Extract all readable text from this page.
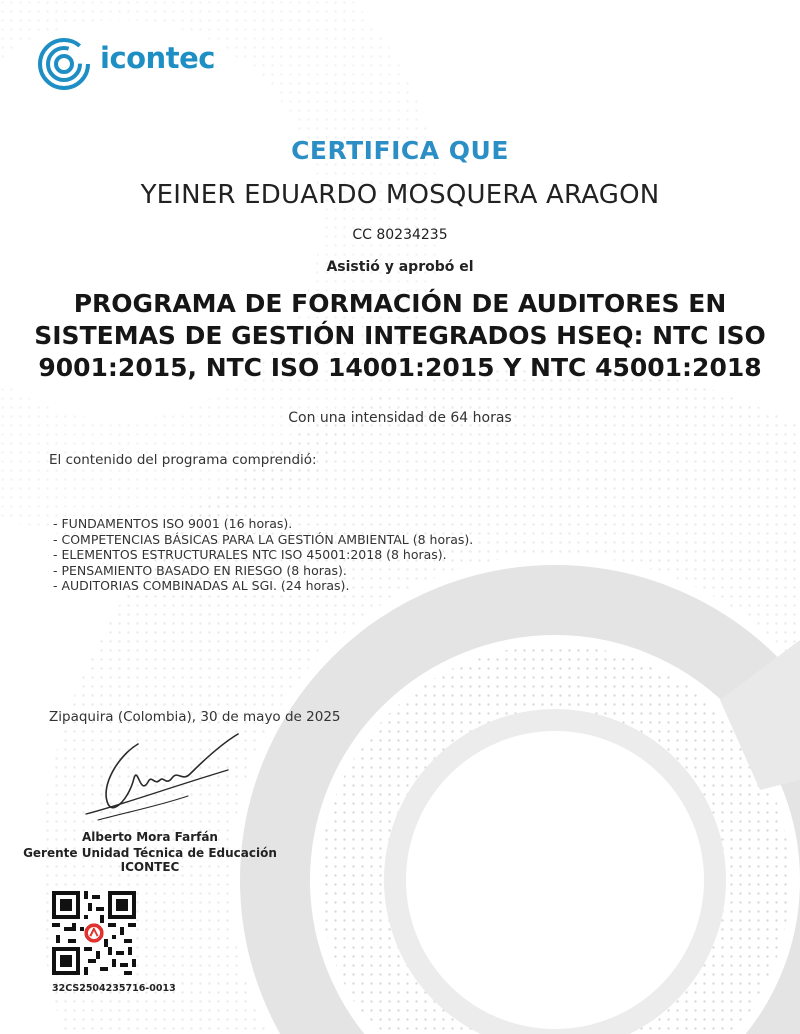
icontec
CERTIFICA QUE
YEINER EDUARDO MOSQUERA ARAGON
CC 80234235
Asistió y aprobó el
PROGRAMA DE FORMACIÓN DE AUDITORES EN SISTEMAS DE GESTIÓN INTEGRADOS HSEQ: NTC ISO 9001:2015, NTC ISO 14001:2015 Y NTC 45001:2018
Con una intensidad de 64 horas
El contenido del programa comprendió:
- FUNDAMENTOS ISO 9001 (16 horas).
- COMPETENCIAS BÁSICAS PARA LA GESTIÓN AMBIENTAL (8 horas).
- ELEMENTOS ESTRUCTURALES NTC ISO 45001:2018 (8 horas).
- PENSAMIENTO BASADO EN RIESGO (8 horas).
- AUDITORIAS COMBINADAS AL SGI. (24 horas).
Zipaquira (Colombia), 30 de mayo de 2025
Alberto Mora Farfán
Gerente Unidad Técnica de Educación ICONTEC
32CS2504235716-0013
